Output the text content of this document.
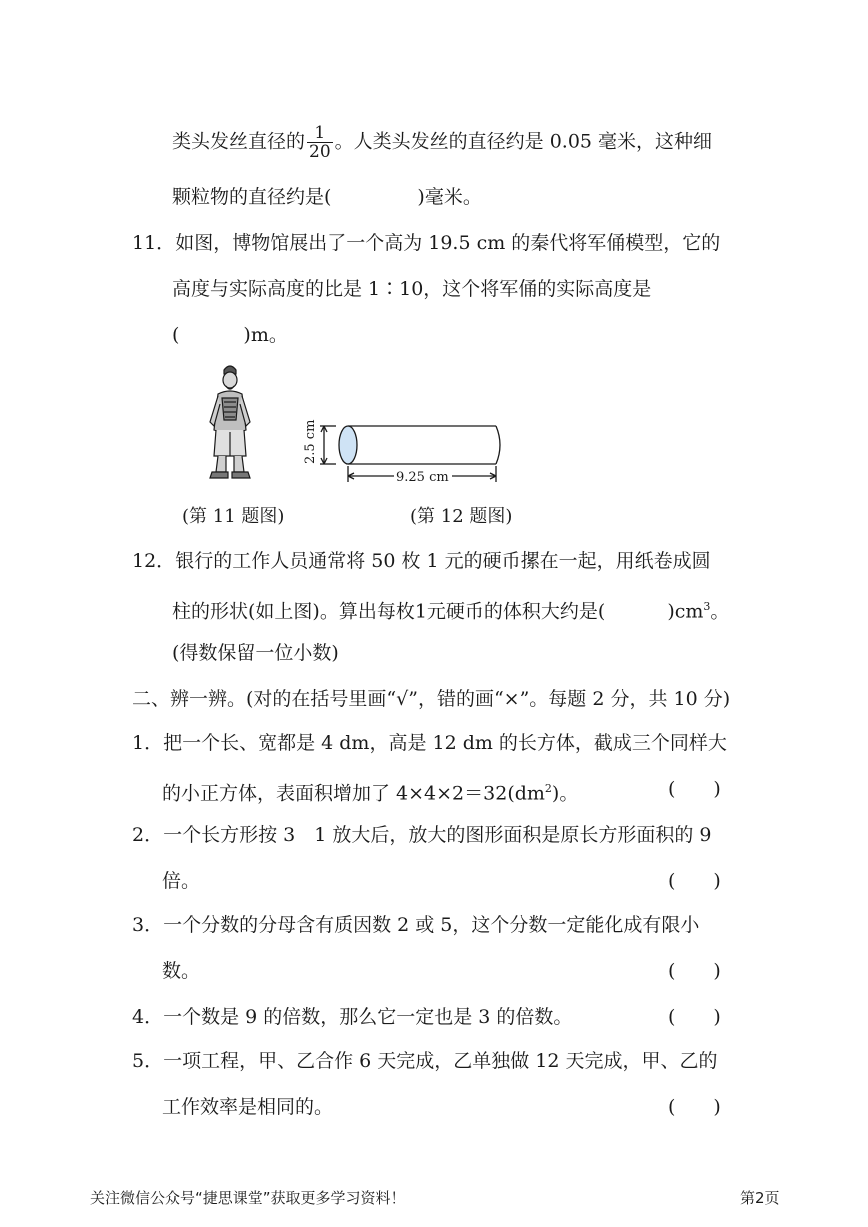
类头发丝直径的 $\frac{1}{20}$ 。人类头发丝的直径约是 0.05 毫米，这种细
颗粒物的直径约是(	)毫米。
11．如图，博物馆展出了一个高为 19.5 cm 的秦代将军俑模型，它的
高度与实际高度的比是 1∶10，这个将军俑的实际高度是
(	)m。
2.5 cm
9.25 cm
(第 11 题图)	(第 12 题图)
12．银行的工作人员通常将 50 枚 1 元的硬币摞在一起，用纸卷成圆
柱的形状(如上图)。算出每枚1元硬币的体积大约是(	)$cm^3$。
(得数保留一位小数)
二、辨一辨。(对的在括号里画“√”，错的画“×”。每题 2 分，共 10 分)
1．把一个长、宽都是 4 dm，高是 12 dm 的长方体，截成三个同样大
的小正方体，表面积增加了 $4\times 4\times 2=32(dm^2)$。	(　　)
2．一个长方形按 3　1 放大后，放大的图形面积是原长方形面积的 9
倍。	(　　)
3．一个分数的分母含有质因数 2 或 5，这个分数一定能化成有限小
数。	(　　)
4．一个数是 9 的倍数，那么它一定也是 3 的倍数。	(　　)
5．一项工程，甲、乙合作 6 天完成，乙单独做 12 天完成，甲、乙的
工作效率是相同的。	(　　)
关注微信公众号“捷思课堂”获取更多学习资料！	第2页
